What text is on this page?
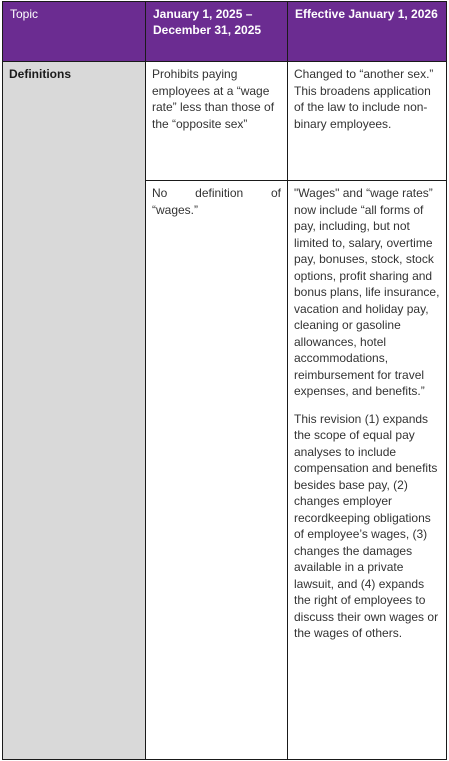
Topic	January 1, 2025 – December 31, 2025
Effective January 1, 2026
Definitions	Prohibits paying employees at a “wage rate” less than those of the “opposite sex”

Changed to “another sex.” This broadens application of the law to include non-binary employees.

No definition of

“wages.”

"Wages" and “wage rates” now include “all forms of pay, including, but not limited to, salary, overtime pay, bonuses, stock, stock options, profit sharing and bonus plans, life insurance, vacation and holiday pay, cleaning or gasoline allowances, hotel accommodations, reimbursement for travel expenses, and benefits.”

This revision (1) expands the scope of equal pay analyses to include compensation and benefits besides base pay, (2) changes employer recordkeeping obligations of employee’s wages, (3) changes the damages available in a private lawsuit, and (4) expands the right of employees to discuss their own wages or the wages of others.
